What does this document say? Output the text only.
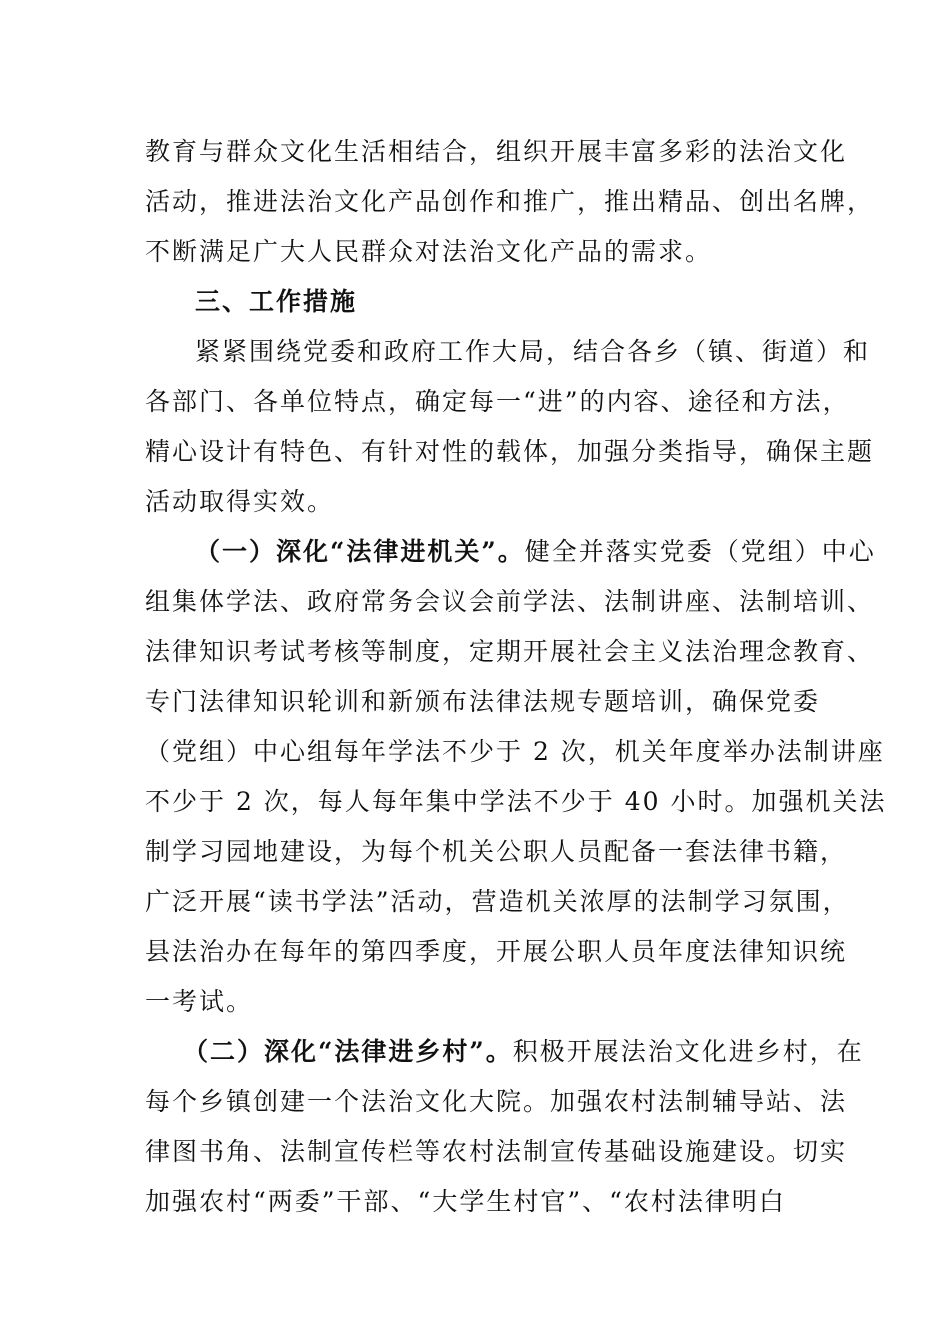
教育与群众文化生活相结合，组织开展丰富多彩的法治文化
活动，推进法治文化产品创作和推广，推出精品、创出名牌，
不断满足广大人民群众对法治文化产品的需求。
三、工作措施
紧紧围绕党委和政府工作大局，结合各乡（镇、街道）和
各部门、各单位特点，确定每一“进”的内容、途径和方法，
精心设计有特色、有针对性的载体，加强分类指导，确保主题
活动取得实效。
（一）深化“法律进机关”。健全并落实党委（党组）中心
组集体学法、政府常务会议会前学法、法制讲座、法制培训、
法律知识考试考核等制度，定期开展社会主义法治理念教育、
专门法律知识轮训和新颁布法律法规专题培训，确保党委
（党组）中心组每年学法不少于 2 次，机关年度举办法制讲座
不少于 2 次，每人每年集中学法不少于 40 小时。加强机关法
制学习园地建设，为每个机关公职人员配备一套法律书籍，
广泛开展“读书学法”活动，营造机关浓厚的法制学习氛围，
县法治办在每年的第四季度，开展公职人员年度法律知识统
一考试。
（二）深化“法律进乡村”。积极开展法治文化进乡村，在
每个乡镇创建一个法治文化大院。加强农村法制辅导站、法
律图书角、法制宣传栏等农村法制宣传基础设施建设。切实
加强农村“两委”干部、“大学生村官”、“农村法律明白
